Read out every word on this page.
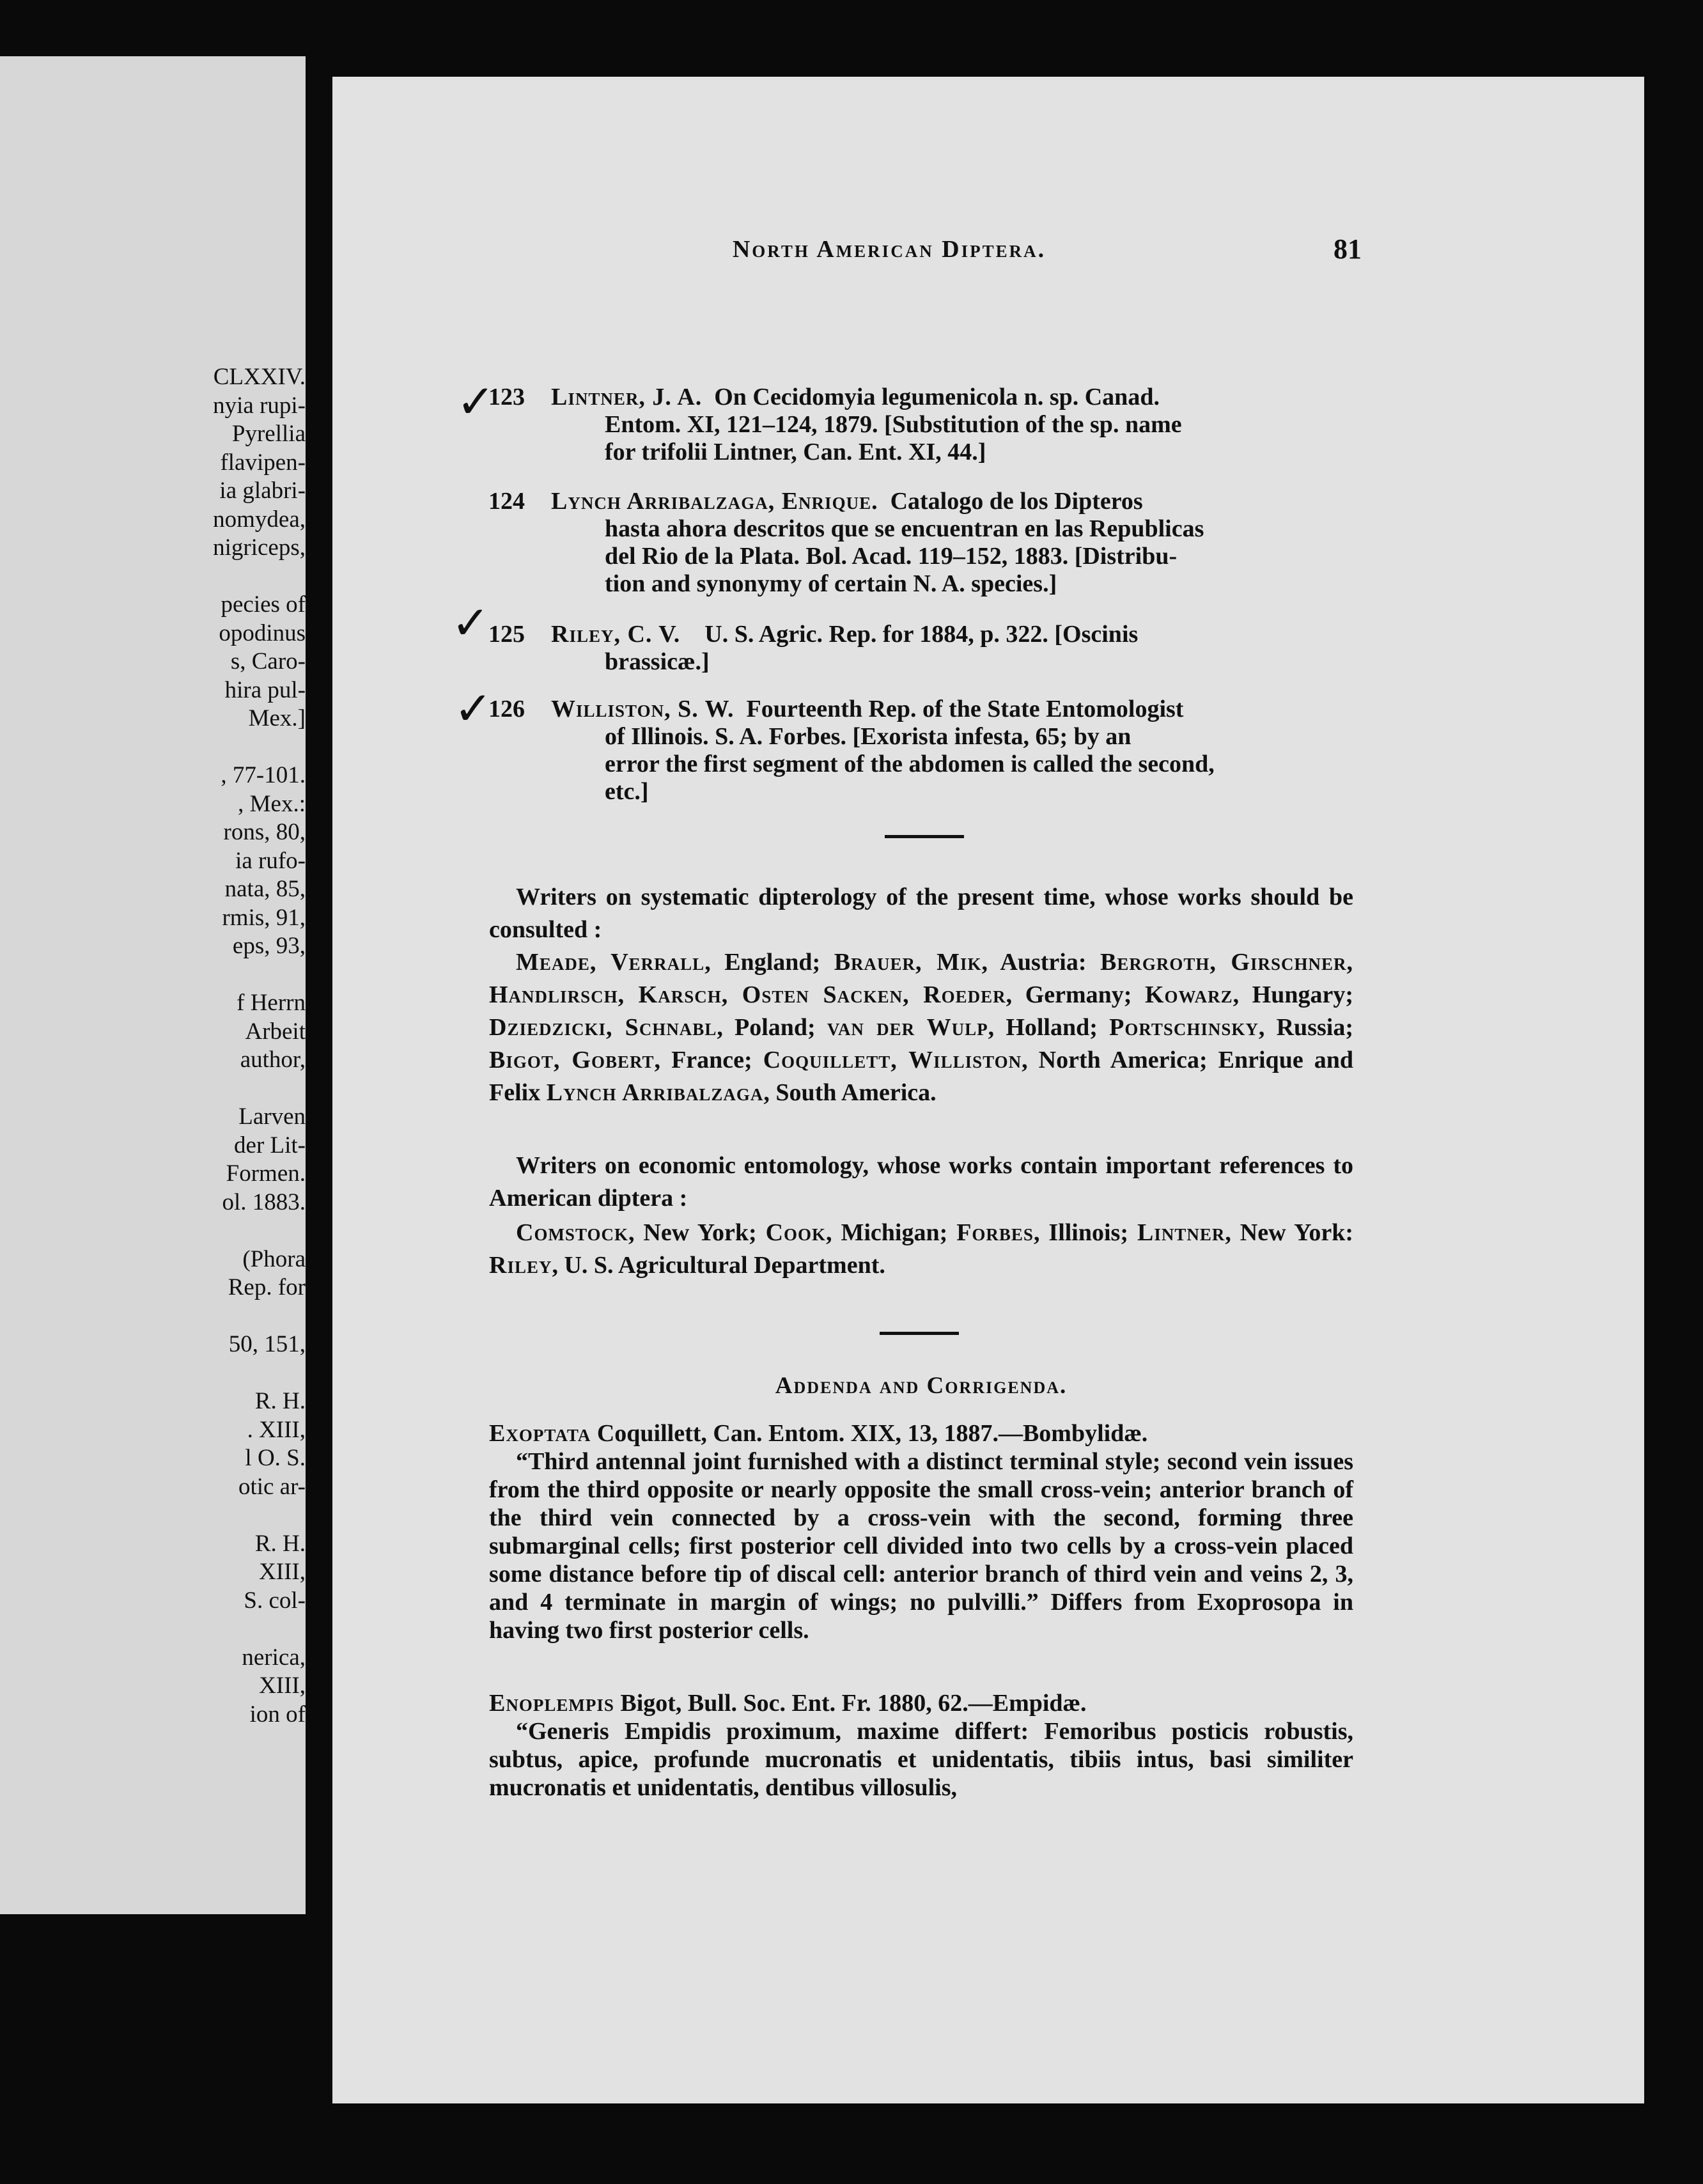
CLXXIV.
nyia rupi-
Pyrellia
flavipen-
ia glabri-
nomydea,
nigriceps,
pecies of
opodinus
s, Caro-
hira pul-
Mex.]
, 77-101.
, Mex.:
rons, 80,
ia rufo-
nata, 85,
rmis, 91,
eps, 93,
f Herrn
Arbeit
author,
Larven
der Lit-
Formen.
ol. 1883.
(Phora
Rep. for
50, 151,
R. H.
. XIII,
l O. S.
otic ar-
R. H.
XIII,
S. col-
nerica,
XIII,
ion of
North American Diptera.	81
✓
✓
✓
123	Lintner, J. A. On Cecidomyia legumenicola n. sp. Canad.
Entom. XI, 121–124, 1879. [Substitution of the sp. name
for trifolii Lintner, Can. Ent. XI, 44.]
124	Lynch Arribalzaga, Enrique. Catalogo de los Dipteros
hasta ahora descritos que se encuentran en las Republicas
del Rio de la Plata. Bol. Acad. 119–152, 1883. [Distribu-
tion and synonymy of certain N. A. species.]
125	Riley, C. V. U. S. Agric. Rep. for 1884, p. 322. [Oscinis
brassicæ.]
126	Williston, S. W. Fourteenth Rep. of the State Entomologist
of Illinois. S. A. Forbes. [Exorista infesta, 65; by an
error the first segment of the abdomen is called the second,
etc.]

Writers on systematic dipterology of the present time, whose works should be consulted :

Meade, Verrall, England; Brauer, Mik, Austria: Bergroth, Girschner, Handlirsch, Karsch, Osten Sacken, Roeder, Germany; Kowarz, Hungary; Dziedzicki, Schnabl, Poland; van der Wulp, Holland; Portschinsky, Russia; Bigot, Gobert, France; Coquillett, Williston, North America; Enrique and Felix Lynch Arribalzaga, South America.

Writers on economic entomology, whose works contain important references to American diptera :

Comstock, New York; Cook, Michigan; Forbes, Illinois; Lintner, New York: Riley, U. S. Agricultural Department.

Addenda and Corrigenda.

Exoptata Coquillett, Can. Entom. XIX, 13, 1887.—Bombylidæ.
“Third antennal joint furnished with a distinct terminal style; second vein issues from the third opposite or nearly opposite the small cross-vein; anterior branch of the third vein connected by a cross-vein with the second, forming three submarginal cells; first posterior cell divided into two cells by a cross-vein placed some distance before tip of discal cell: anterior branch of third vein and veins 2, 3, and 4 terminate in margin of wings; no pulvilli.” Differs from Exoprosopa in having two first posterior cells.

Enoplempis Bigot, Bull. Soc. Ent. Fr. 1880, 62.—Empidæ.
“Generis Empidis proximum, maxime differt: Femoribus posticis robustis, subtus, apice, profunde mucronatis et unidentatis, tibiis intus, basi similiter mucronatis et unidentatis, dentibus villosulis,
